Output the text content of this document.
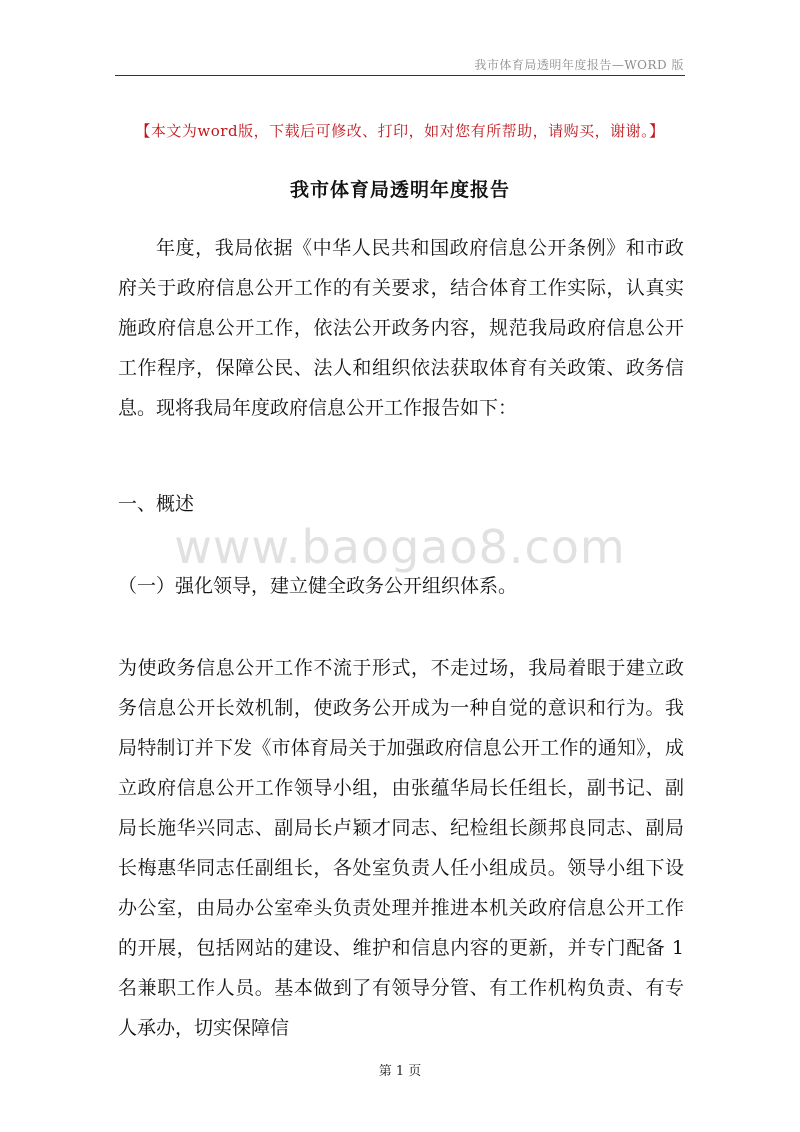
我市体育局透明年度报告—WORD 版
【本文为word版，下载后可修改、打印，如对您有所帮助，请购买，谢谢。】
我市体育局透明年度报告

年度，我局依据《中华人民共和国政府信息公开条例》和市政府关于政府信息公开工作的有关要求，结合体育工作实际，认真实施政府信息公开工作，依法公开政务内容，规范我局政府信息公开工作程序，保障公民、法人和组织依法获取体育有关政策、政务信息。现将我局年度政府信息公开工作报告如下：

一、概述

www.baogao8.com

（一）强化领导，建立健全政务公开组织体系。

为使政务信息公开工作不流于形式，不走过场，我局着眼于建立政务信息公开长效机制，使政务公开成为一种自觉的意识和行为。我局特制订并下发《市体育局关于加强政府信息公开工作的通知》，成立政府信息公开工作领导小组，由张蕴华局长任组长，副书记、副局长施华兴同志、副局长卢颖才同志、纪检组长颜邦良同志、副局长梅惠华同志任副组长，各处室负责人任小组成员。领导小组下设办公室，由局办公室牵头负责处理并推进本机关政府信息公开工作的开展，包括网站的建设、维护和信息内容的更新，并专门配备 1 名兼职工作人员。基本做到了有领导分管、有工作机构负责、有专人承办，切实保障信

第 1 页
